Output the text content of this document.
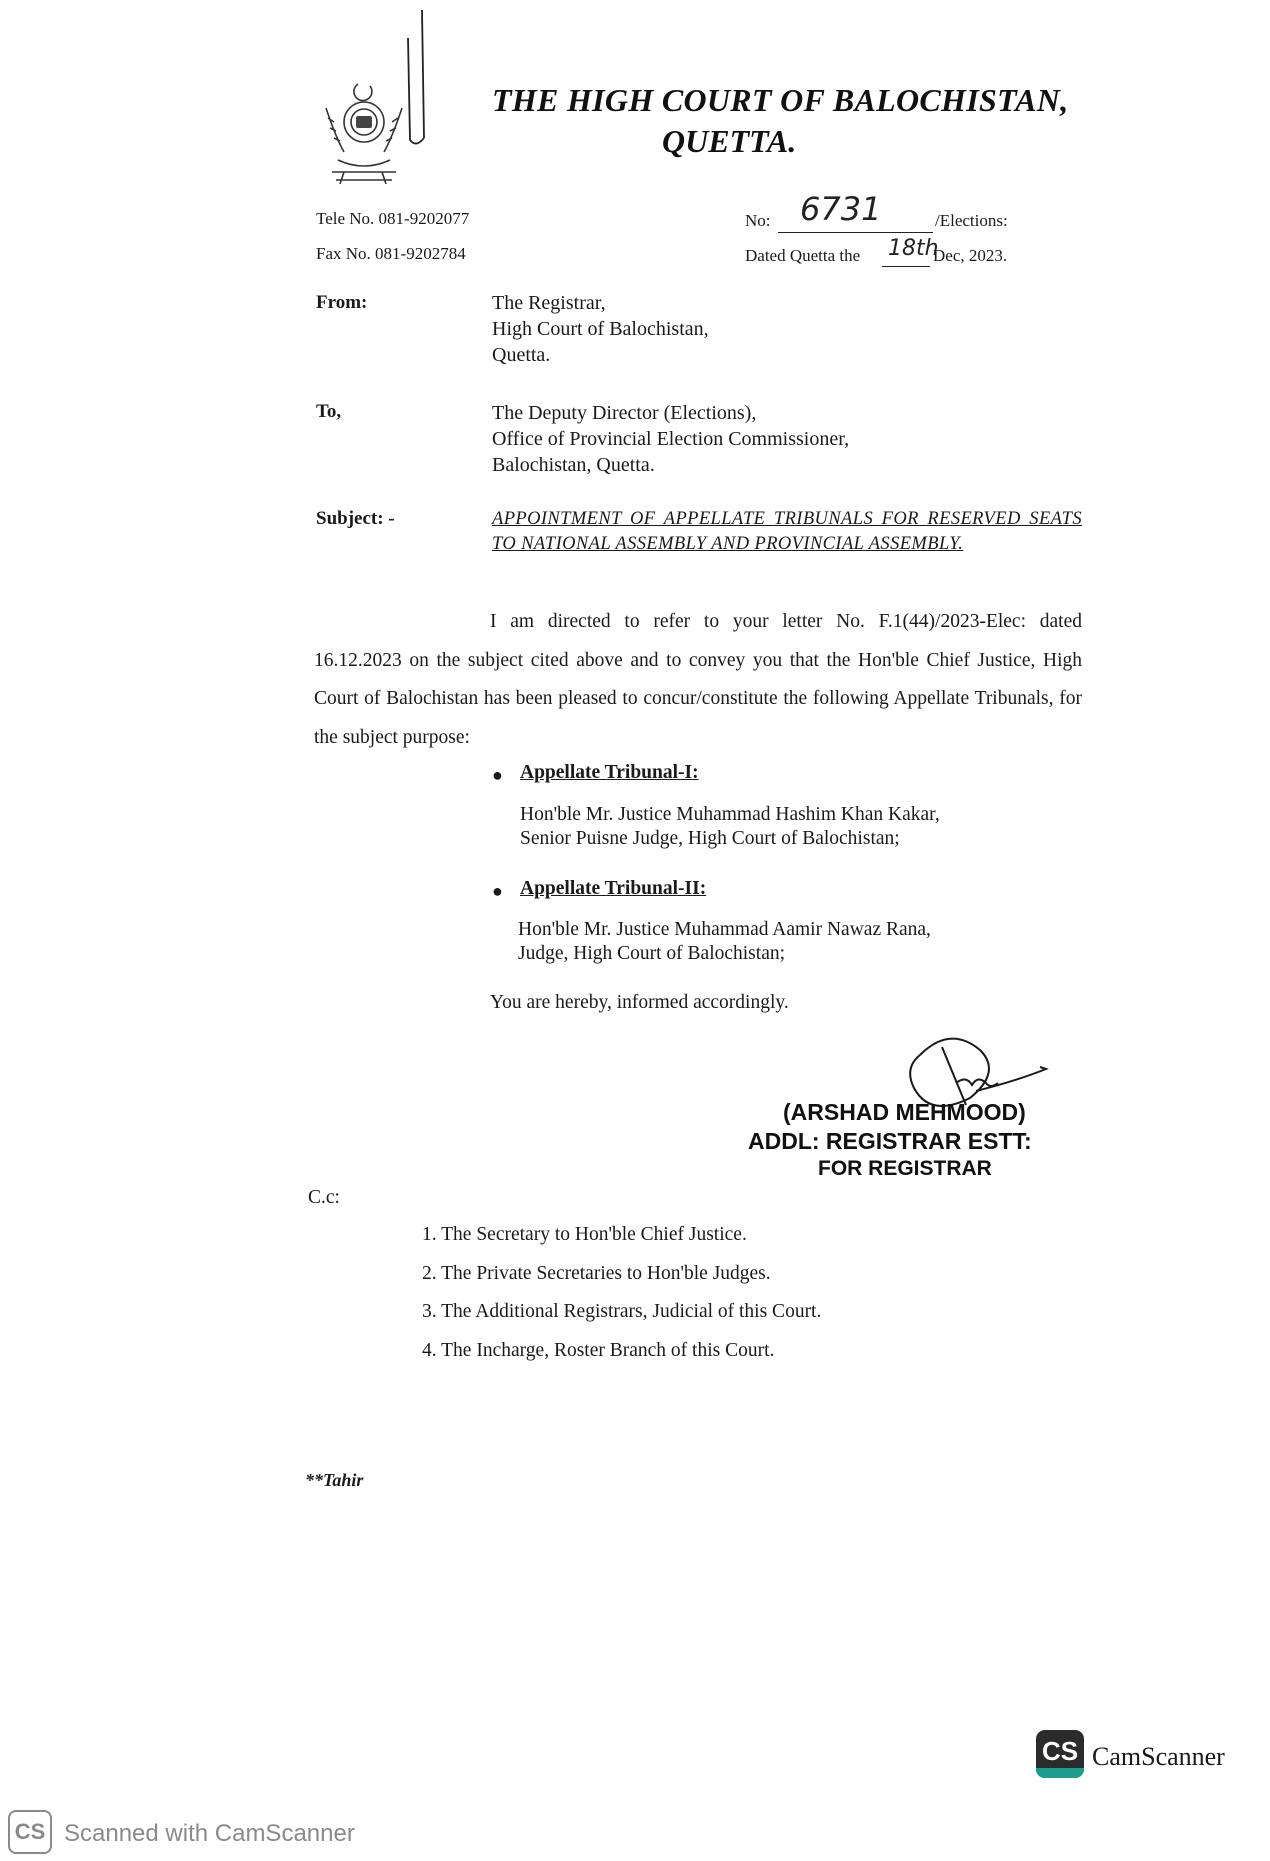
THE HIGH COURT OF BALOCHISTAN,
QUETTA.
Tele No. 081-9202077
Fax No. 081-9202784
No: 6731	/Elections:
Dated Quetta the 18th
Dec, 2023.
From:	The Registrar,
High Court of Balochistan,
Quetta.
To,	The Deputy Director (Elections),
Office of Provincial Election Commissioner,
Balochistan, Quetta.
Subject: -	APPOINTMENT OF APPELLATE TRIBUNALS FOR RESERVED SEATS TO NATIONAL ASSEMBLY AND PROVINCIAL ASSEMBLY.
I am directed to refer to your letter No. F.1(44)/2023-Elec: dated 16.12.2023 on the subject cited above and to convey you that the Hon'ble Chief Justice, High Court of Balochistan has been pleased to concur/constitute the following Appellate Tribunals, for the subject purpose:
● Appellate Tribunal-I:
Hon'ble Mr. Justice Muhammad Hashim Khan Kakar,
Senior Puisne Judge, High Court of Balochistan;
● Appellate Tribunal-II:
Hon'ble Mr. Justice Muhammad Aamir Nawaz Rana,
Judge, High Court of Balochistan;
You are hereby, informed accordingly.
(ARSHAD MEHMOOD)
ADDL: REGISTRAR ESTT:
FOR REGISTRAR
C.c:
1. The Secretary to Hon'ble Chief Justice.
2. The Private Secretaries to Hon'ble Judges.
3. The Additional Registrars, Judicial of this Court.
4. The Incharge, Roster Branch of this Court.
**Tahir
CS CamScanner
CS Scanned with CamScanner
